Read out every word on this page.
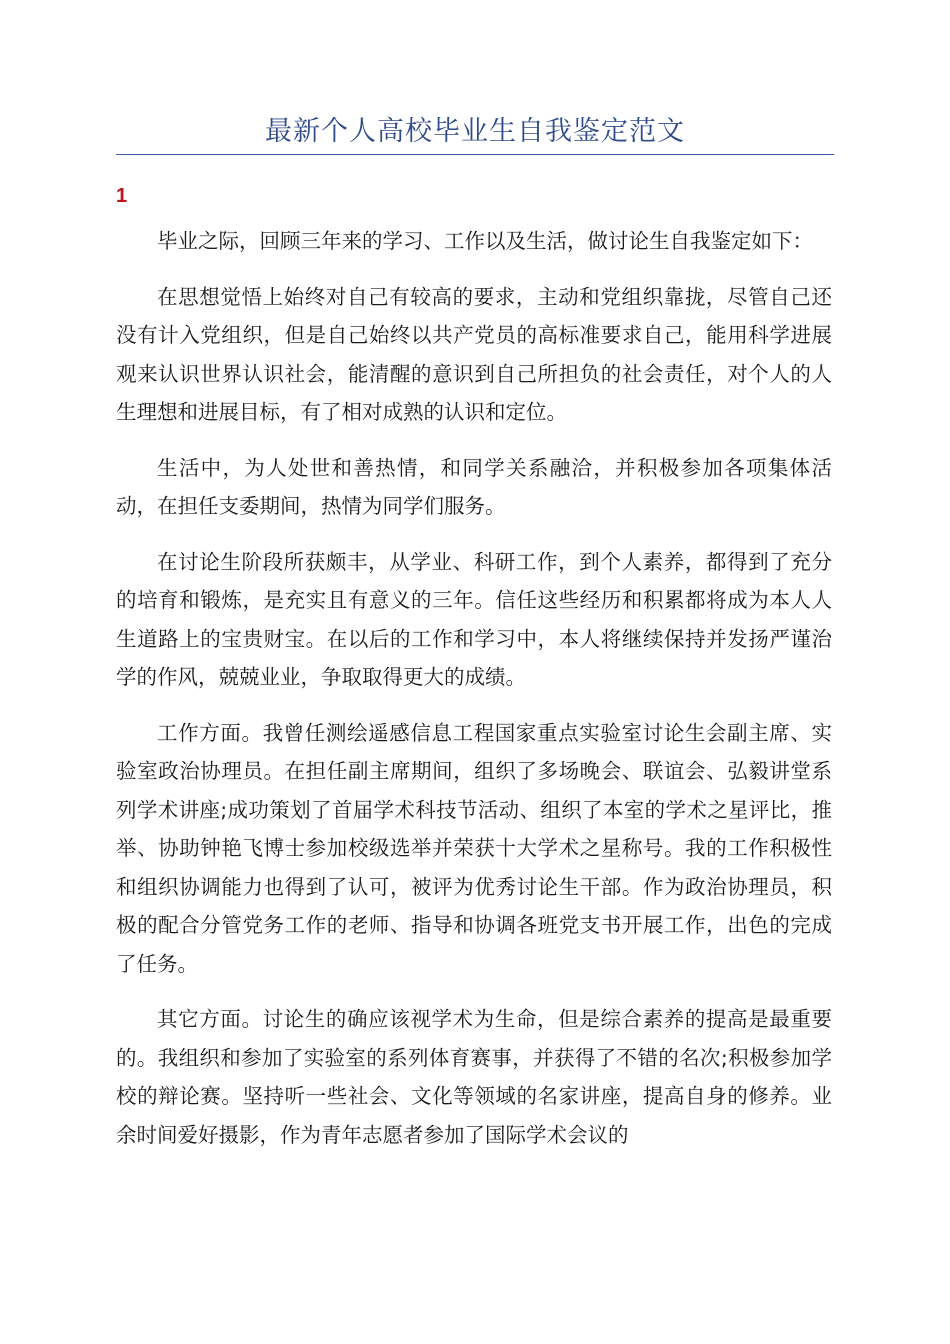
最新个人高校毕业生自我鉴定范文
1

毕业之际，回顾三年来的学习、工作以及生活，做讨论生自我鉴定如下：

在思想觉悟上始终对自己有较高的要求，主动和党组织靠拢，尽管自己还没有计入党组织，但是自己始终以共产党员的高标准要求自己，能用科学进展观来认识世界认识社会，能清醒的意识到自己所担负的社会责任，对个人的人生理想和进展目标，有了相对成熟的认识和定位。

生活中，为人处世和善热情，和同学关系融洽，并积极参加各项集体活动，在担任支委期间，热情为同学们服务。

在讨论生阶段所获颇丰，从学业、科研工作，到个人素养，都得到了充分的培育和锻炼，是充实且有意义的三年。信任这些经历和积累都将成为本人人生道路上的宝贵财宝。在以后的工作和学习中，本人将继续保持并发扬严谨治学的作风，兢兢业业，争取取得更大的成绩。

工作方面。我曾任测绘遥感信息工程国家重点实验室讨论生会副主席、实验室政治协理员。在担任副主席期间，组织了多场晚会、联谊会、弘毅讲堂系列学术讲座;成功策划了首届学术科技节活动、组织了本室的学术之星评比，推举、协助钟艳飞博士参加校级选举并荣获十大学术之星称号。我的工作积极性和组织协调能力也得到了认可，被评为优秀讨论生干部。作为政治协理员，积极的配合分管党务工作的老师、指导和协调各班党支书开展工作，出色的完成了任务。

其它方面。讨论生的确应该视学术为生命，但是综合素养的提高是最重要的。我组织和参加了实验室的系列体育赛事，并获得了不错的名次;积极参加学校的辩论赛。坚持听一些社会、文化等领域的名家讲座，提高自身的修养。业余时间爱好摄影，作为青年志愿者参加了国际学术会议的
